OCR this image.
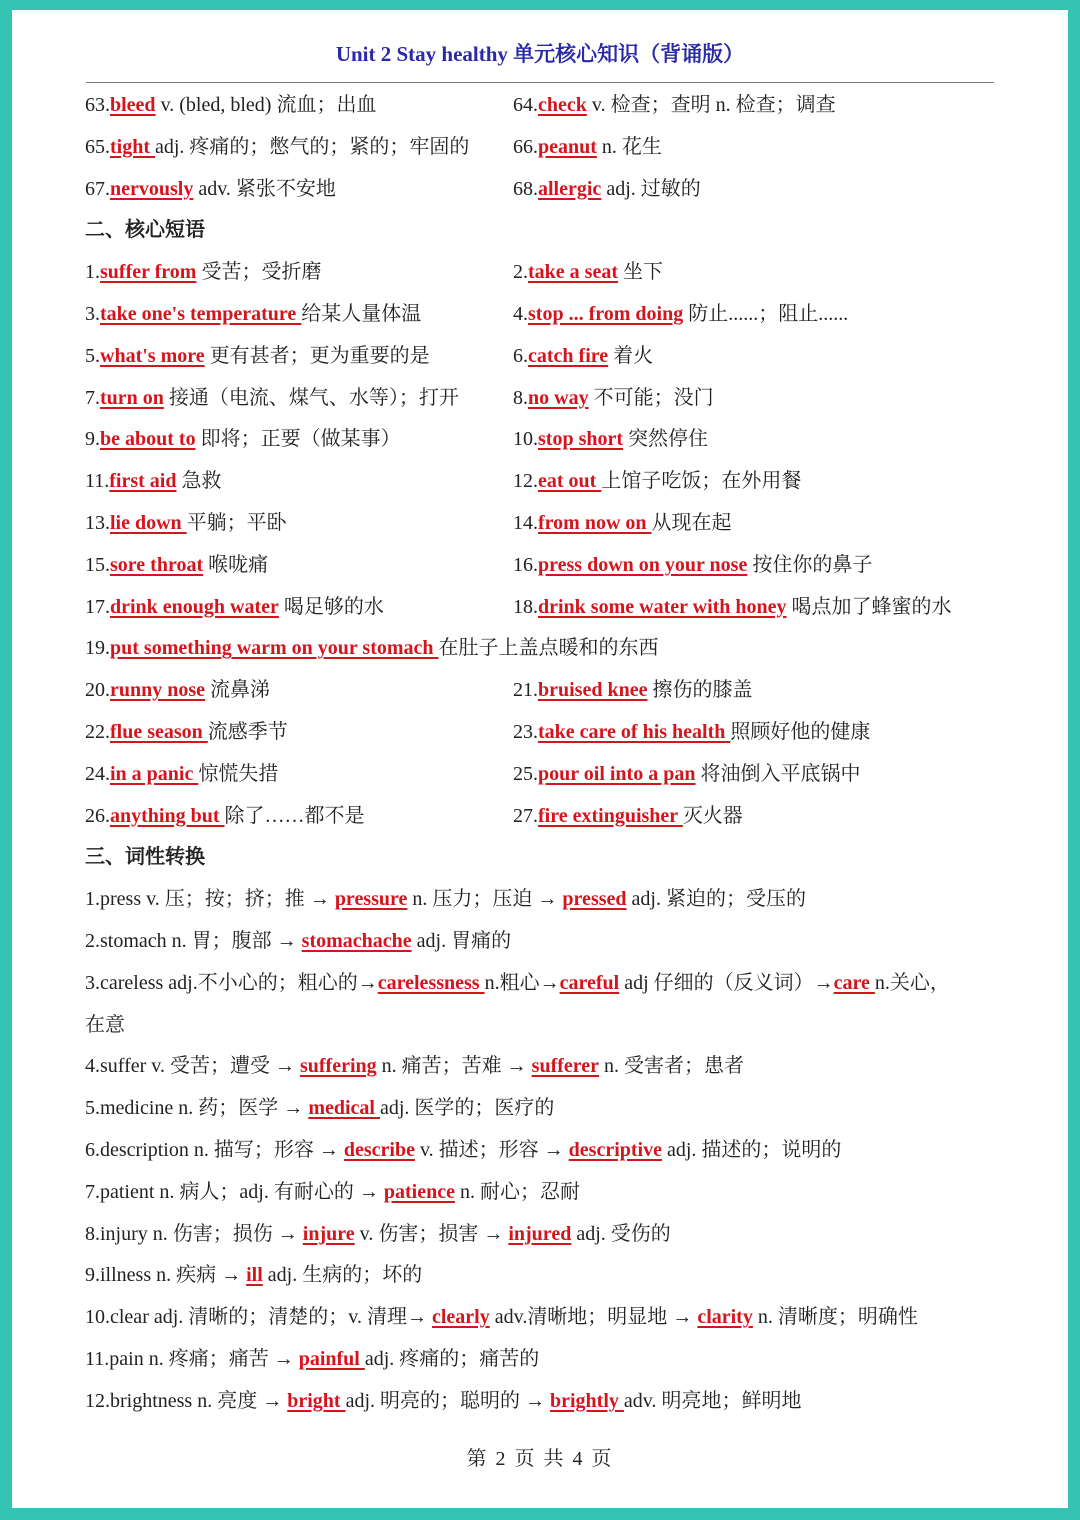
Unit 2 Stay healthy 单元核心知识（背诵版）
63.bleed v. (bled, bled) 流血；出血	64.check v. 检查；查明 n. 检查；调查
65.tight adj. 疼痛的；憋气的；紧的；牢固的 66.peanut n. 花生
67.nervously adv. 紧张不安地	68.allergic adj. 过敏的
二、核心短语
1.suffer from 受苦；受折磨	2.take a seat 坐下
3.take one's temperature 给某人量体温	4.stop ... from doing 防止......；阻止......
5.what's more 更有甚者；更为重要的是	6.catch fire 着火
7.turn on 接通（电流、煤气、水等）；打开	8.no way 不可能；没门
9.be about to 即将；正要（做某事）	10.stop short 突然停住
11.first aid 急救	12.eat out 上馆子吃饭；在外用餐
13.lie down 平躺；平卧	14.from now on 从现在起
15.sore throat 喉咙痛	16.press down on your nose 按住你的鼻子
17.drink enough water 喝足够的水	18.drink some water with honey 喝点加了蜂蜜的水
19.put something warm on your stomach 在肚子上盖点暖和的东西
20.runny nose 流鼻涕	21.bruised knee 擦伤的膝盖
22.flue season 流感季节	23.take care of his health 照顾好他的健康
24.in a panic 惊慌失措	25.pour oil into a pan 将油倒入平底锅中
26.anything but 除了……都不是	27.fire extinguisher 灭火器
三、词性转换
1.press v. 压；按；挤；推 → pressure n. 压力；压迫 → pressed adj. 紧迫的；受压的
2.stomach n. 胃；腹部 → stomachache adj. 胃痛的
3.careless adj.不小心的；粗心的→carelessness n.粗心→careful adj 仔细的（反义词）→care n.关心，
在意
4.suffer v. 受苦；遭受 → suffering n. 痛苦；苦难 → sufferer n. 受害者；患者
5.medicine n. 药；医学 → medical adj. 医学的；医疗的
6.description n. 描写；形容 → describe v. 描述；形容 → descriptive adj. 描述的；说明的
7.patient n. 病人；adj. 有耐心的 → patience n. 耐心；忍耐
8.injury n. 伤害；损伤 → injure v. 伤害；损害 → injured adj. 受伤的
9.illness n. 疾病 → ill adj. 生病的；坏的
10.clear adj. 清晰的；清楚的；v. 清理→ clearly adv.清晰地；明显地 → clarity n. 清晰度；明确性
11.pain n. 疼痛；痛苦 → painful adj. 疼痛的；痛苦的
12.brightness n. 亮度 → bright adj. 明亮的；聪明的 → brightly adv. 明亮地；鲜明地
第 2 页 共 4 页
